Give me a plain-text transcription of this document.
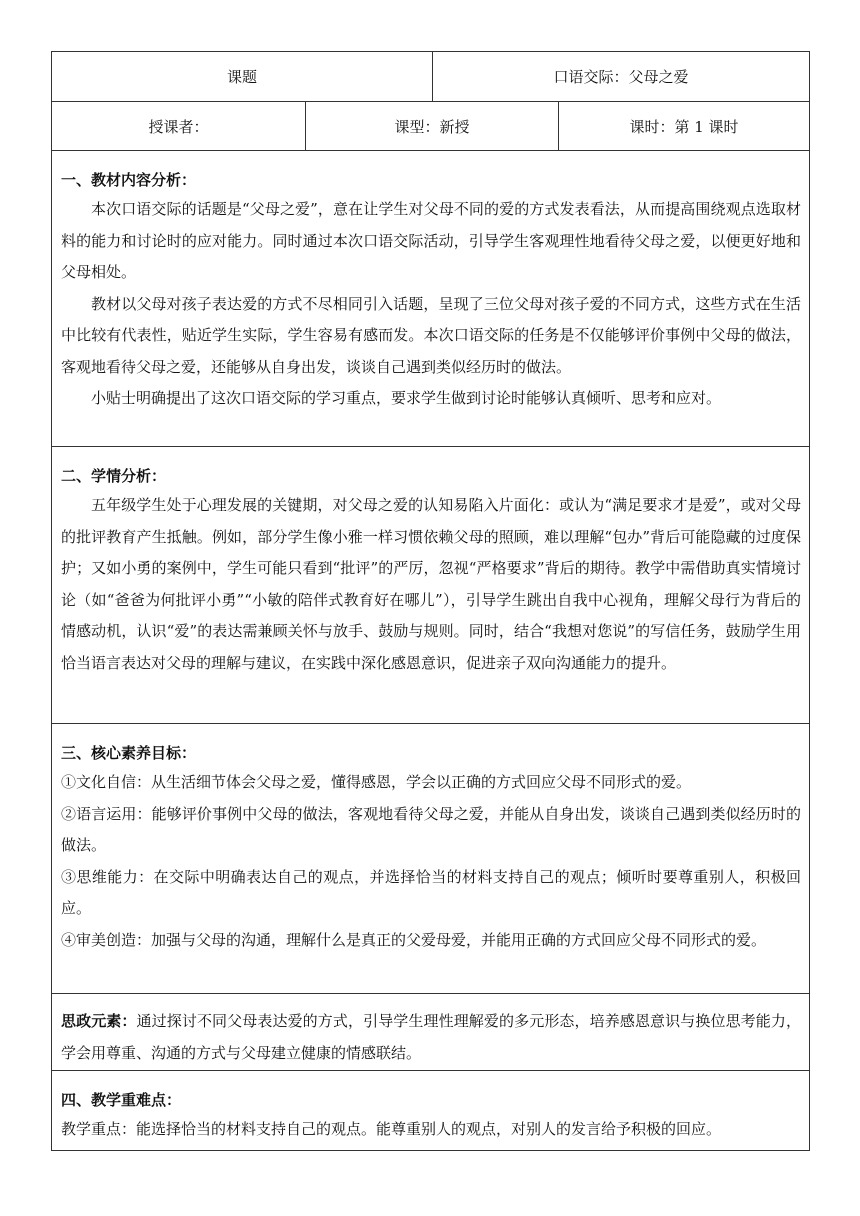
课题	口语交际：父母之爱
授课者：	课型：新授	课时：第 1 课时
一、教材内容分析：

本次口语交际的话题是“父母之爱”，意在让学生对父母不同的爱的方式发表看法，从而提高围绕观点选取材料的能力和讨论时的应对能力。同时通过本次口语交际活动，引导学生客观理性地看待父母之爱，以便更好地和父母相处。

教材以父母对孩子表达爱的方式不尽相同引入话题，呈现了三位父母对孩子爱的不同方式，这些方式在生活中比较有代表性，贴近学生实际，学生容易有感而发。本次口语交际的任务是不仅能够评价事例中父母的做法，客观地看待父母之爱，还能够从自身出发，谈谈自己遇到类似经历时的做法。

小贴士明确提出了这次口语交际的学习重点，要求学生做到讨论时能够认真倾听、思考和应对。

二、学情分析：

五年级学生处于心理发展的关键期，对父母之爱的认知易陷入片面化：或认为“满足要求才是爱”，或对父母的批评教育产生抵触。例如，部分学生像小雅一样习惯依赖父母的照顾，难以理解“包办”背后可能隐藏的过度保护；又如小勇的案例中，学生可能只看到“批评”的严厉，忽视“严格要求”背后的期待。教学中需借助真实情境讨论（如“爸爸为何批评小勇”“小敏的陪伴式教育好在哪儿”），引导学生跳出自我中心视角，理解父母行为背后的情感动机，认识“爱”的表达需兼顾关怀与放手、鼓励与规则。同时，结合“我想对您说”的写信任务，鼓励学生用恰当语言表达对父母的理解与建议，在实践中深化感恩意识，促进亲子双向沟通能力的提升。

三、核心素养目标：

①文化自信：从生活细节体会父母之爱，懂得感恩，学会以正确的方式回应父母不同形式的爱。

②语言运用：能够评价事例中父母的做法，客观地看待父母之爱，并能从自身出发，谈谈自己遇到类似经历时的做法。

③思维能力：在交际中明确表达自己的观点，并选择恰当的材料支持自己的观点；倾听时要尊重别人，积极回应。

④审美创造：加强与父母的沟通，理解什么是真正的父爱母爱，并能用正确的方式回应父母不同形式的爱。

思政元素：通过探讨不同父母表达爱的方式，引导学生理性理解爱的多元形态，培养感恩意识与换位思考能力，学会用尊重、沟通的方式与父母建立健康的情感联结。

四、教学重难点：

教学重点：能选择恰当的材料支持自己的观点。能尊重别人的观点，对别人的发言给予积极的回应。
